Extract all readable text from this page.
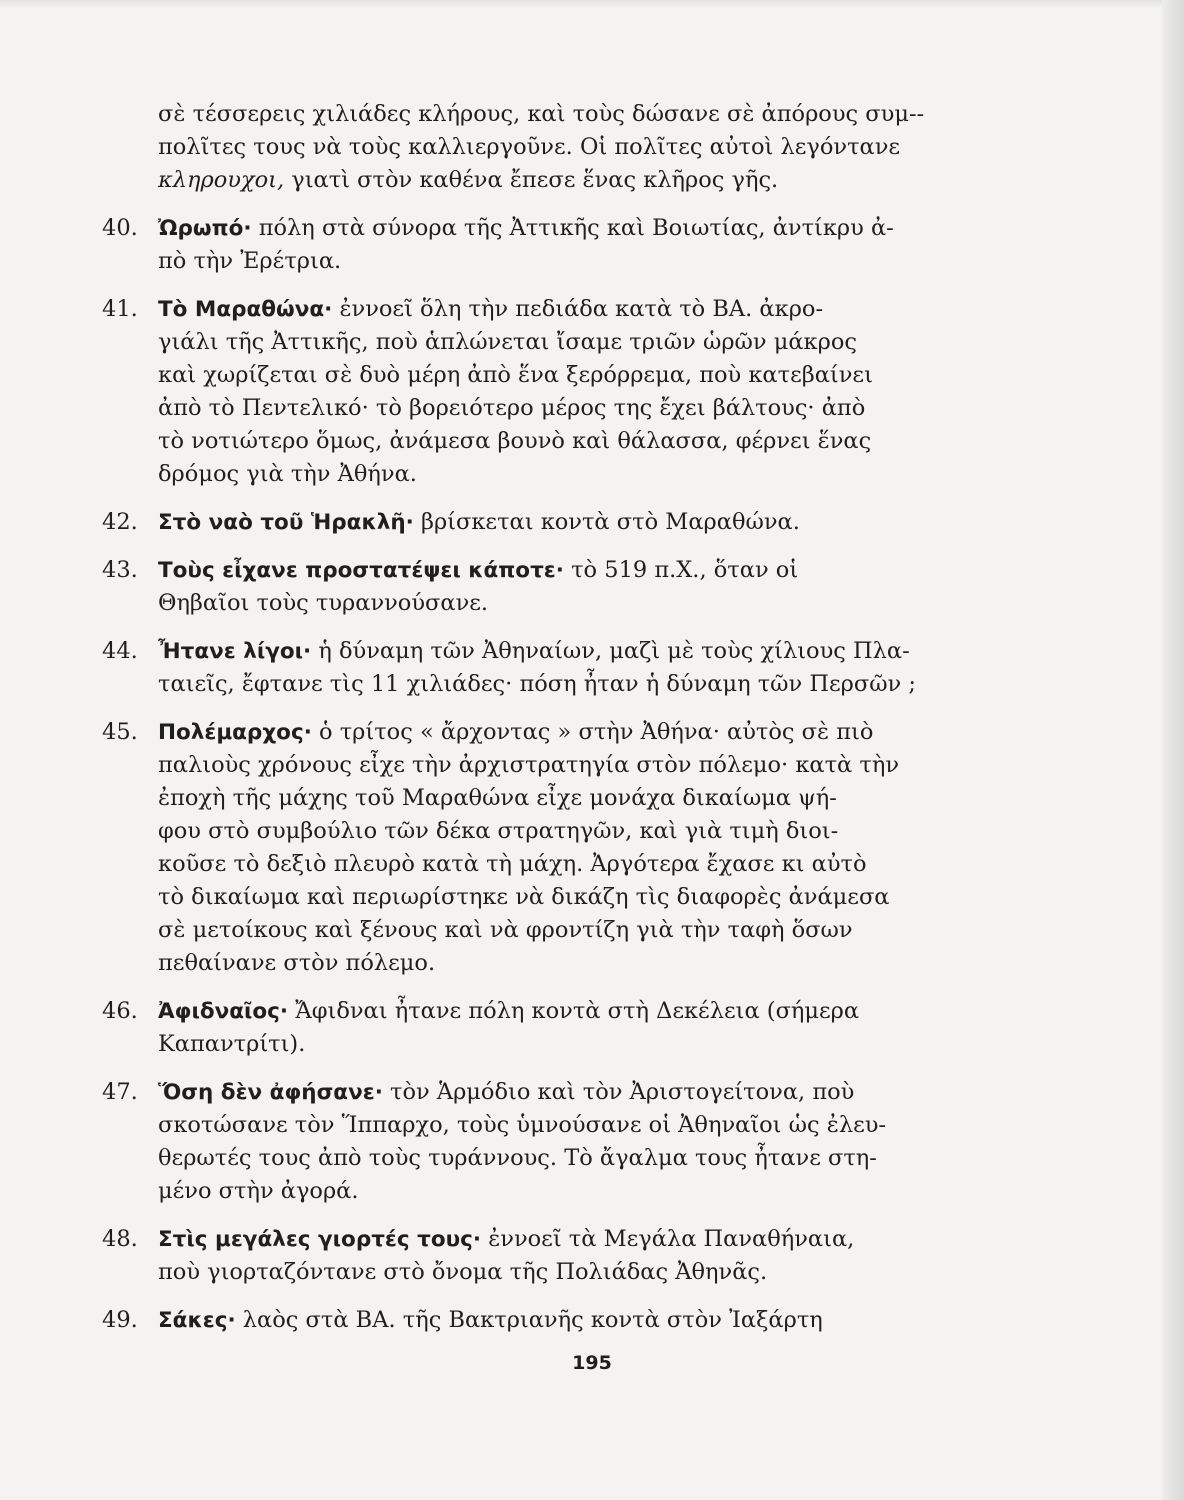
σὲ τέσσερεις χιλιάδες κλήρους, καὶ τοὺς δώσανε σὲ ἀπόρους συμ--
πολῖτες τους νὰ τοὺς καλλιεργοῦνε. Οἱ πολῖτες αὐτοὶ λεγόντανε
κληρουχοι, γιατὶ στὸν καθένα ἔπεσε ἕνας κλῆρος γῆς.
40. Ὠρωπό· πόλη στὰ σύνορα τῆς Ἀττικῆς καὶ Βοιωτίας, ἀντίκρυ ἀ-
πὸ τὴν Ἐρέτρια.
41. Τὸ Μαραθώνα· ἐννοεῖ ὅλη τὴν πεδιάδα κατὰ τὸ ΒΑ. ἀκρο-
γιάλι τῆς Ἀττικῆς, ποὺ ἁπλώνεται ἴσαμε τριῶν ὡρῶν μάκρος
καὶ χωρίζεται σὲ δυὸ μέρη ἀπὸ ἕνα ξερόρρεμα, ποὺ κατεβαίνει
ἀπὸ τὸ Πεντελικό· τὸ βορειότερο μέρος της ἔχει βάλτους· ἀπὸ
τὸ νοτιώτερο ὅμως, ἀνάμεσα βουνὸ καὶ θάλασσα, φέρνει ἕνας
δρόμος γιὰ τὴν Ἀθήνα.
42. Στὸ ναὸ τοῦ Ἡρακλῆ· βρίσκεται κοντὰ στὸ Μαραθώνα.
43. Τοὺς εἶχανε προστατέψει κάποτε· τὸ 519 π.Χ., ὅταν οἱ
Θηβαῖοι τοὺς τυραννούσανε.
44. Ἦτανε λίγοι· ἡ δύναμη τῶν Ἀθηναίων, μαζὶ μὲ τοὺς χίλιους Πλα-
ταιεῖς, ἔφτανε τὶς 11 χιλιάδες· πόση ἦταν ἡ δύναμη τῶν Περσῶν ;
45. Πολέμαρχος· ὁ τρίτος « ἄρχοντας » στὴν Ἀθήνα· αὐτὸς σὲ πιὸ
παλιοὺς χρόνους εἶχε τὴν ἀρχιστρατηγία στὸν πόλεμο· κατὰ τὴν
ἐποχὴ τῆς μάχης τοῦ Μαραθώνα εἶχε μονάχα δικαίωμα ψή-
φου στὸ συμβούλιο τῶν δέκα στρατηγῶν, καὶ γιὰ τιμὴ διοι-
κοῦσε τὸ δεξιὸ πλευρὸ κατὰ τὴ μάχη. Ἀργότερα ἔχασε κι αὐτὸ
τὸ δικαίωμα καὶ περιωρίστηκε νὰ δικάζη τὶς διαφορὲς ἀνάμεσα
σὲ μετοίκους καὶ ξένους καὶ νὰ φροντίζη γιὰ τὴν ταφὴ ὅσων
πεθαίνανε στὸν πόλεμο.
46. Ἀφιδναῖος· Ἄφιδναι ἦτανε πόλη κοντὰ στὴ Δεκέλεια (σήμερα
Καπαντρίτι).
47. Ὅση δὲν ἀφήσανε· τὸν Ἁρμόδιο καὶ τὸν Ἀριστογείτονα, ποὺ
σκοτώσανε τὸν Ἵππαρχο, τοὺς ὑμνούσανε οἱ Ἀθηναῖοι ὡς ἐλευ-
θερωτές τους ἀπὸ τοὺς τυράννους. Τὸ ἄγαλμα τους ἦτανε στη-
μένο στὴν ἀγορά.
48. Στὶς μεγάλες γιορτές τους· ἐννοεῖ τὰ Μεγάλα Παναθήναια,
ποὺ γιορταζόντανε στὸ ὄνομα τῆς Πολιάδας Ἀθηνᾶς.
49. Σάκες· λαὸς στὰ ΒΑ. τῆς Βακτριανῆς κοντὰ στὸν Ἰαξάρτη
195
